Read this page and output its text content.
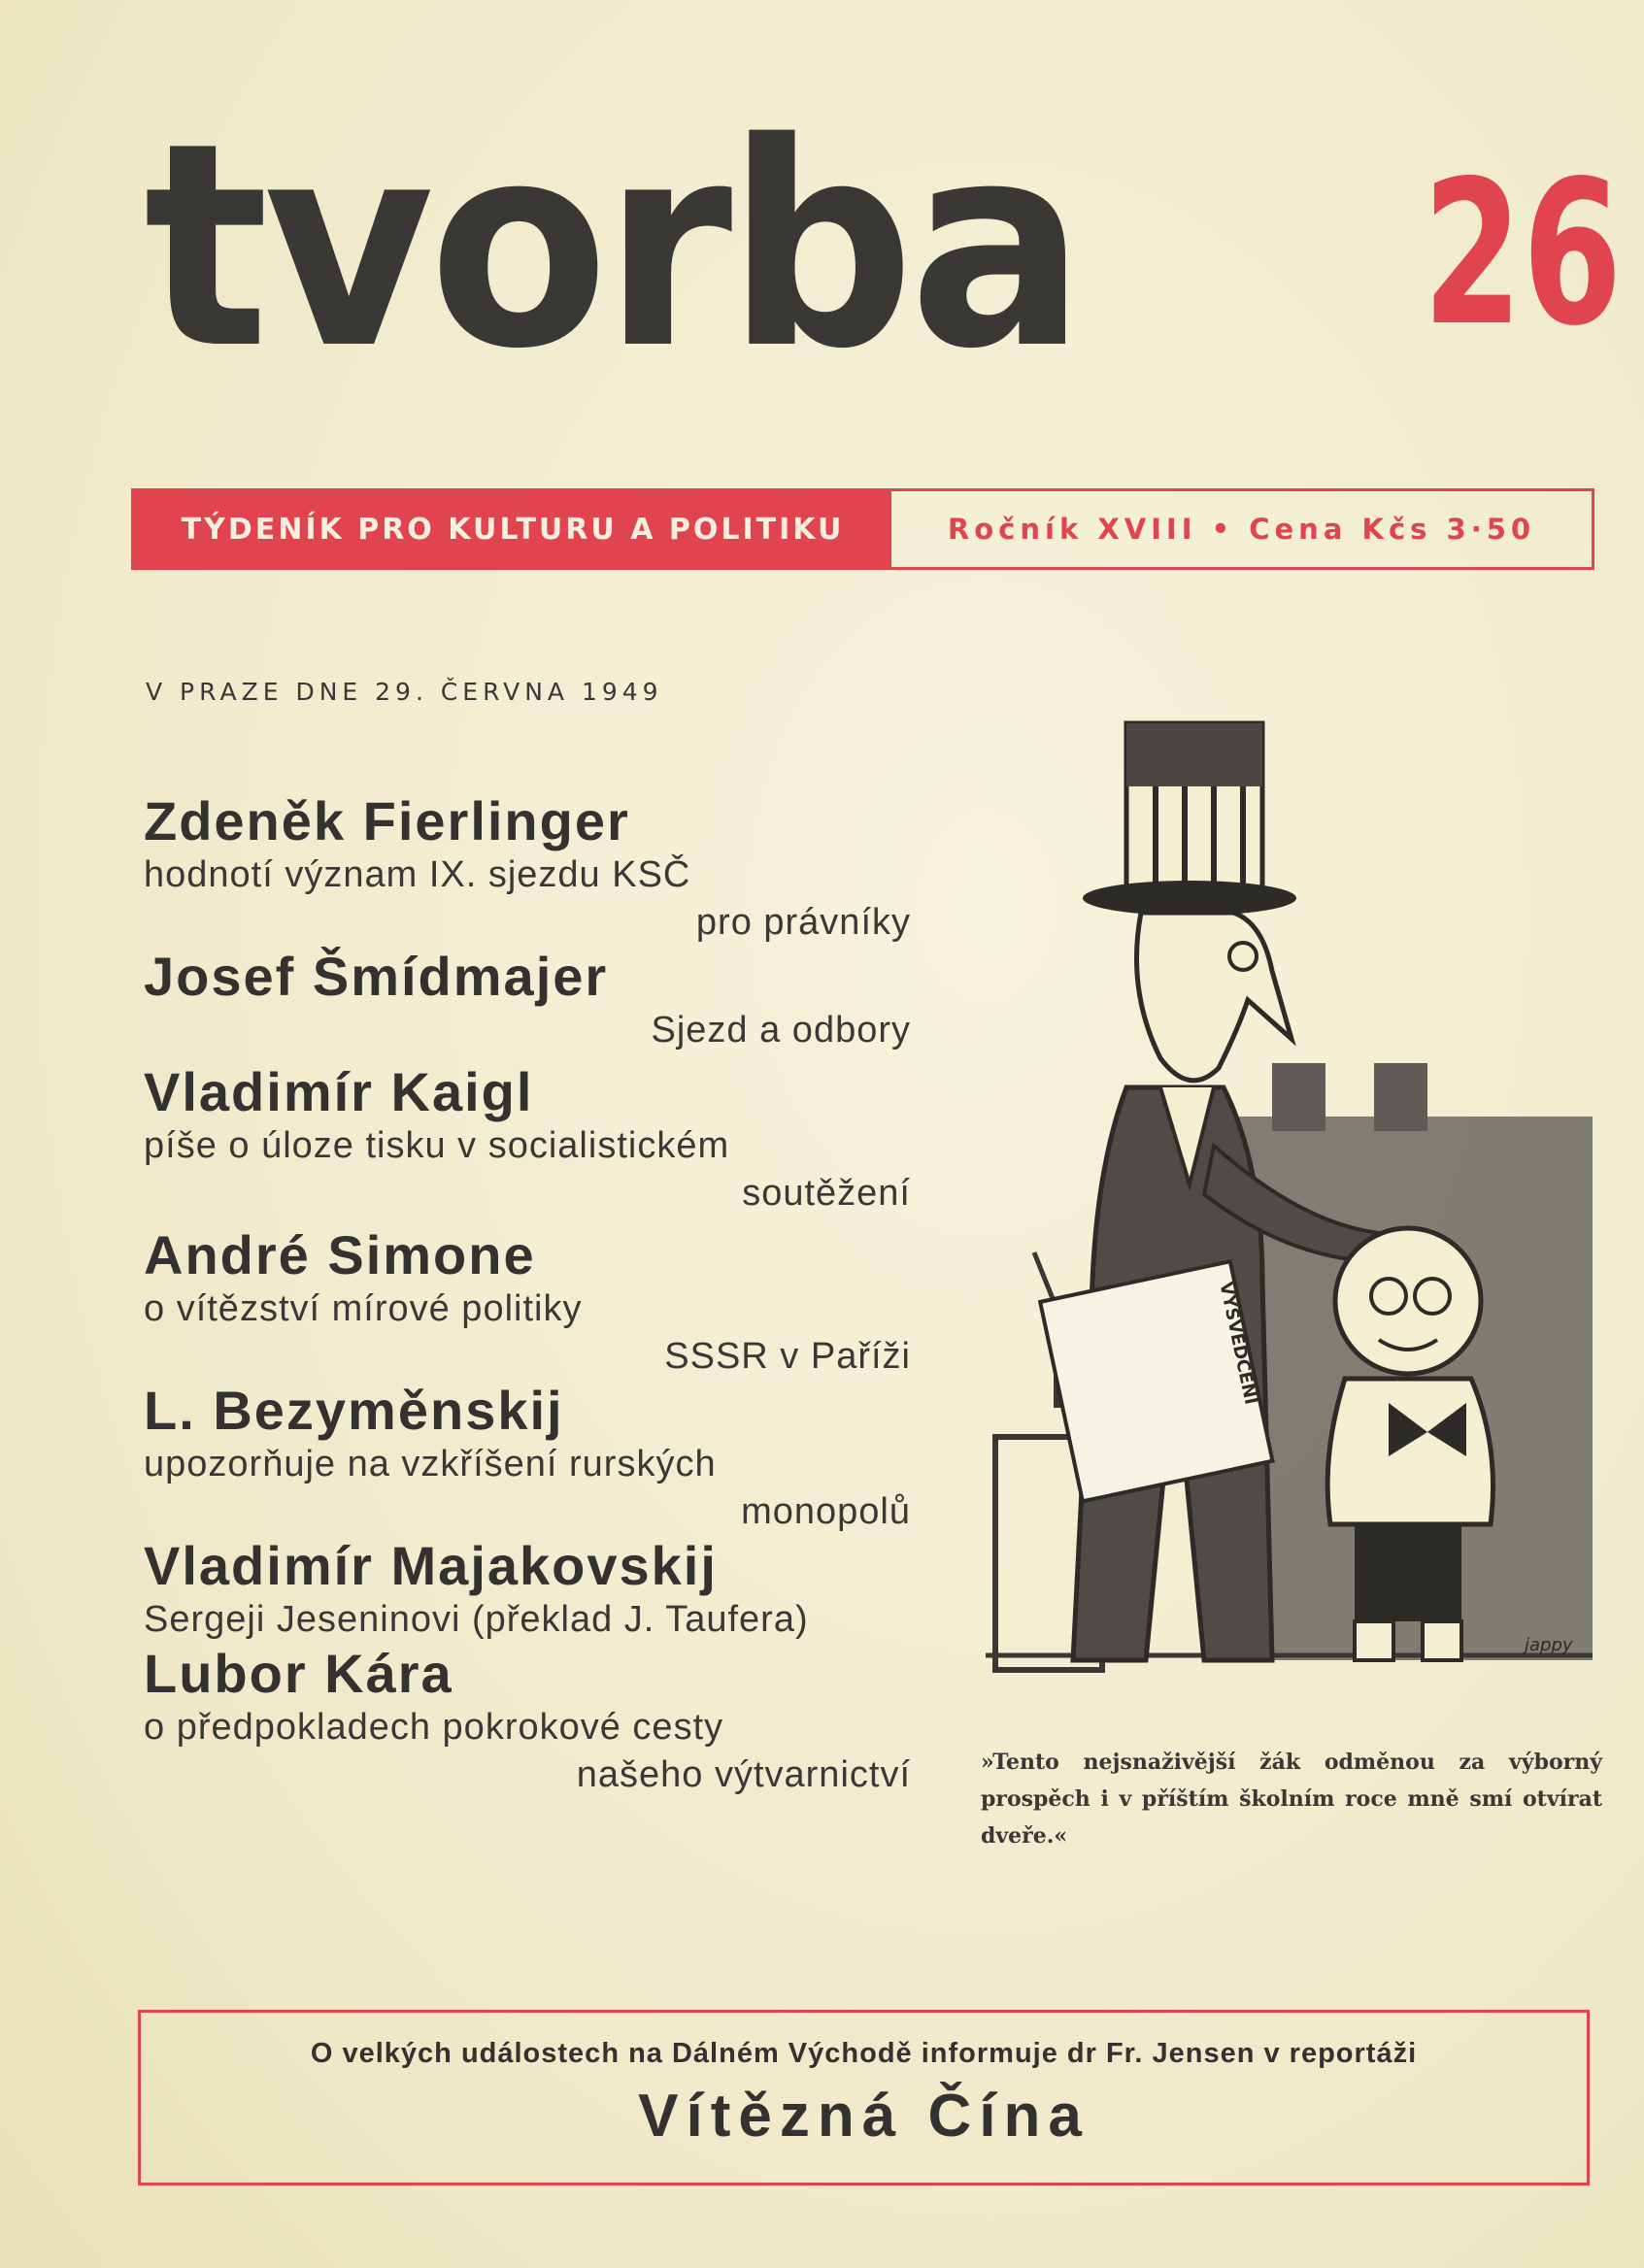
tvorba 26
TÝDENÍK PRO KULTURU A POLITIKU	Ročník XVIII • Cena Kčs 3·50
V PRAZE DNE 29. ČERVNA 1949
Zdeněk Fierlinger
hodnotí význam IX. sjezdu KSČ
pro právníky
Josef Šmídmajer
Sjezd a odbory
Vladimír Kaigl
píše o úloze tisku v socialistickém
soutěžení
André Simone
o vítězství mírové politiky
SSSR v Paříži
L. Bezyměnskij
upozorňuje na vzkříšení rurských
monopolů
Vladimír Majakovskij
Sergeji Jeseninovi (překlad J. Taufera)
Lubor Kára
o předpokladech pokrokové cesty
našeho výtvarnictví
VYSVĚDČENÍ
jappy
»Tento nejsnaživější žák odměnou za výborný prospěch i v příštím školním roce mně smí otvírat dveře.«
O velkých událostech na Dálném Východě informuje dr Fr. Jensen v reportáži
Vítězná Čína
